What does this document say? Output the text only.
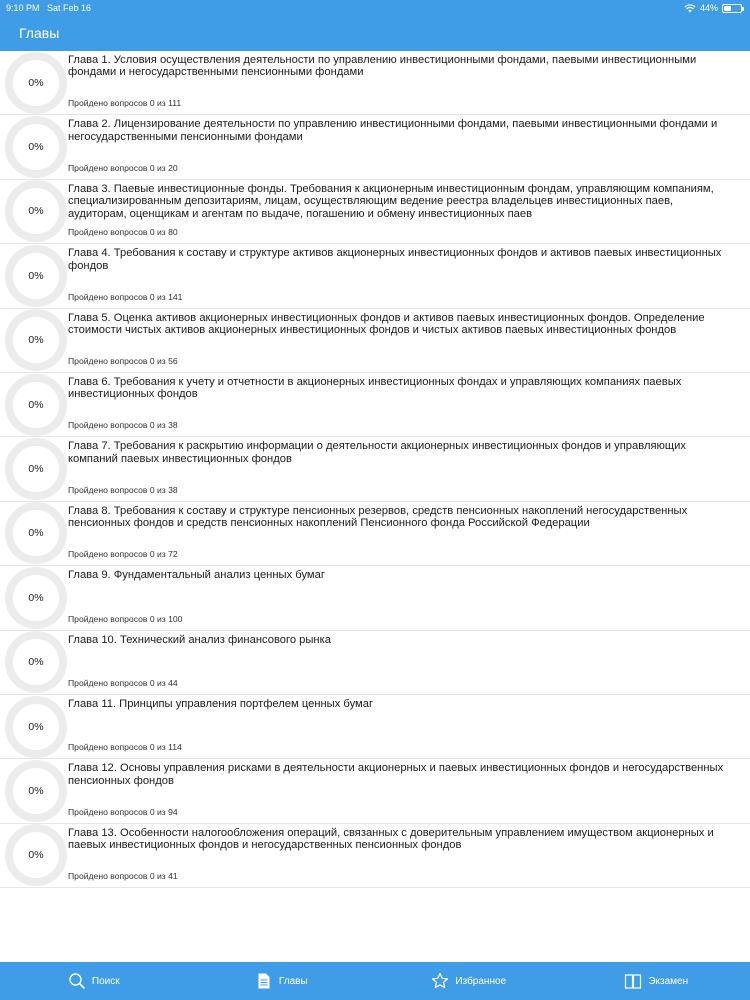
9:10 PM Sat Feb 16	44%
Главы
0%
Глава 1. Условия осуществления деятельности по управлению инвестиционными фондами, паевыми инвестиционными фондами и негосударственными пенсионными фондами
Пройдено вопросов 0 из 111
0%
Глава 2. Лицензирование деятельности по управлению инвестиционными фондами, паевыми инвестиционными фондами и негосударственными пенсионными фондами
Пройдено вопросов 0 из 20
0%
Глава 3. Паевые инвестиционные фонды. Требования к акционерным инвестиционным фондам, управляющим компаниям, специализированным депозитариям, лицам, осуществляющим ведение реестра владельцев инвестиционных паев, аудиторам, оценщикам и агентам по выдаче, погашению и обмену инвестиционных паев
Пройдено вопросов 0 из 80
0%
Глава 4. Требования к составу и структуре активов акционерных инвестиционных фондов и активов паевых инвестиционных фондов
Пройдено вопросов 0 из 141
0%
Глава 5. Оценка активов акционерных инвестиционных фондов и активов паевых инвестиционных фондов. Определение стоимости чистых активов акционерных инвестиционных фондов и чистых активов паевых инвестиционных фондов
Пройдено вопросов 0 из 56
0%
Глава 6. Требования к учету и отчетности в акционерных инвестиционных фондах и управляющих компаниях паевых инвестиционных фондов
Пройдено вопросов 0 из 38
0%
Глава 7. Требования к раскрытию информации о деятельности акционерных инвестиционных фондов и управляющих компаний паевых инвестиционных фондов
Пройдено вопросов 0 из 38
0%
Глава 8. Требования к составу и структуре пенсионных резервов, средств пенсионных накоплений негосударственных пенсионных фондов и средств пенсионных накоплений Пенсионного фонда Российской Федерации
Пройдено вопросов 0 из 72
0%
Глава 9. Фундаментальный анализ ценных бумаг
Пройдено вопросов 0 из 100
0%
Глава 10. Технический анализ финансового рынка
Пройдено вопросов 0 из 44
0%
Глава 11. Принципы управления портфелем ценных бумаг
Пройдено вопросов 0 из 114
0%
Глава 12. Основы управления рисками в деятельности акционерных и паевых инвестиционных фондов и негосударственных пенсионных фондов
Пройдено вопросов 0 из 94
0%
Глава 13. Особенности налогообложения операций, связанных с доверительным управлением имуществом акционерных и паевых инвестиционных фондов и негосударственных пенсионных фондов
Пройдено вопросов 0 из 41
Поиск	Главы	Избранное	Экзамен
